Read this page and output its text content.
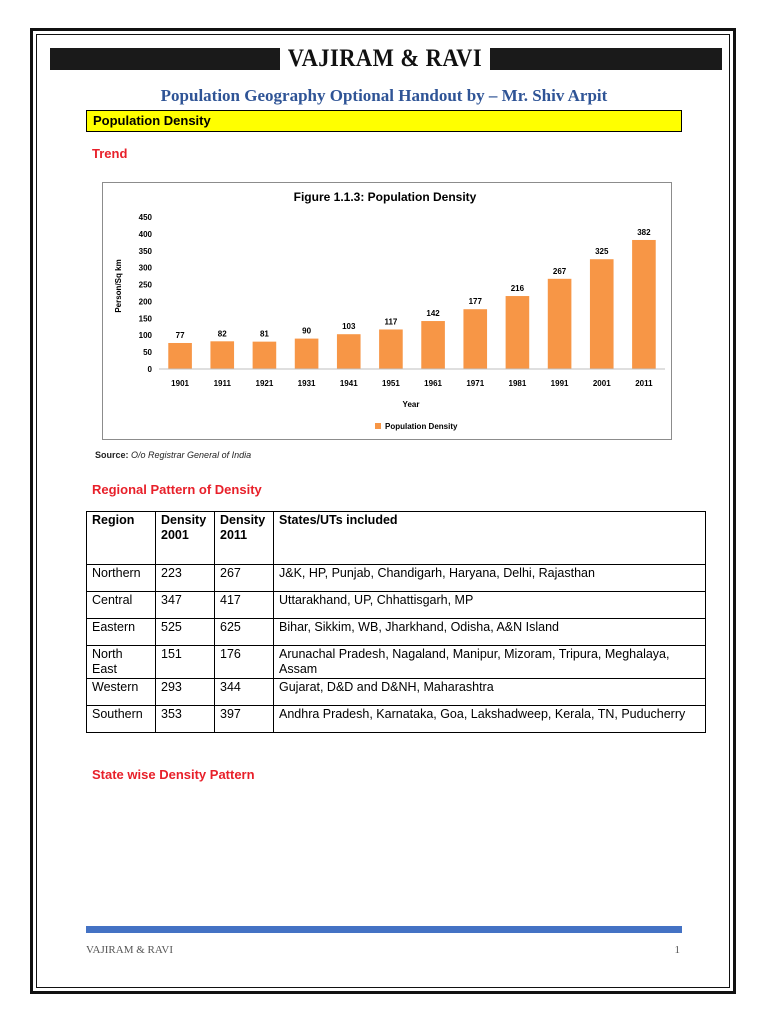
VAJIRAM & RAVI
Population Geography Optional Handout by – Mr. Shiv Arpit
Population Density
Trend
Figure 1.1.3: Population Density
0
50
100
150
200
250
300
350
400
450
77	82	81	90	103
117
142
177
216
267
325
382
1901	1911	1921	1931	1941	1951	1961	1971	1981	1991	2001	2011
Year
Person/Sq km
Population Density
Source: O/o Registrar General of India
Regional Pattern of Density
Region	Density 2001	Density 2011	States/UTs included
Northern	223	267	J&K, HP, Punjab, Chandigarh, Haryana, Delhi, Rajasthan
Central	347	417	Uttarakhand, UP, Chhattisgarh, MP
Eastern	525	625	Bihar, Sikkim, WB, Jharkhand, Odisha, A&N Island
North East	151	176	Arunachal Pradesh, Nagaland, Manipur, Mizoram, Tripura, Meghalaya, Assam
Western	293	344	Gujarat, D&D and D&NH, Maharashtra
Southern	353	397	Andhra Pradesh, Karnataka, Goa, Lakshadweep, Kerala, TN, Puducherry
State wise Density Pattern
VAJIRAM & RAVI	1
